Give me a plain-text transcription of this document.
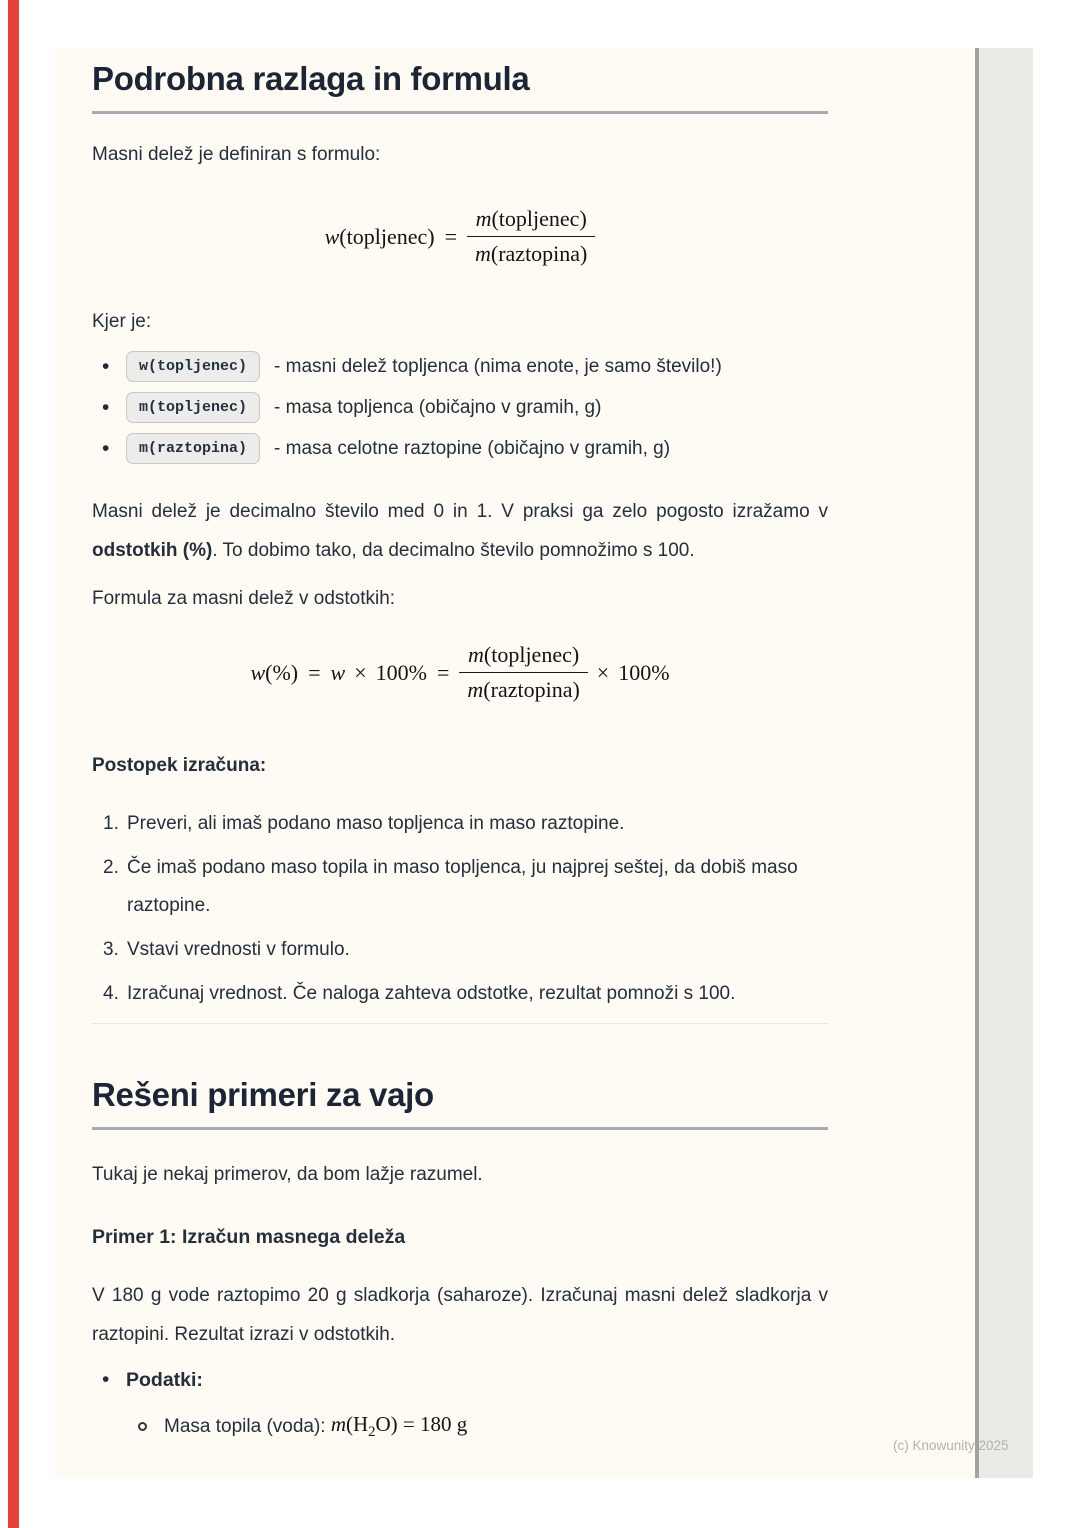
Podrobna razlaga in formula

Masni delež je definiran s formulo:

w (topljenec) = $\frac{\text{m(topljenec)}}{\text{m(raztopina)}}$

Kjer je:

•	w(topljenec)	- masni delež topljenca (nima enote, je samo število!)
•	m(topljenec)	- masa topljenca (običajno v gramih, g)
•	m(raztopina)	- masa celotne raztopine (običajno v gramih, g)

Masni delež je decimalno število med 0 in 1. V praksi ga zelo pogosto izražamo v odstotkih (%). To dobimo tako, da decimalno število pomnožimo s 100.

Formula za masni delež v odstotkih:

w (%) = $w \times 100\% = \frac{\text{m(topljenec)}}{\text{m(raztopina)}} \times 100\%$

Postopek izračuna:

1. Preveri, ali imaš podano maso topljenca in maso raztopine.
2. Če imaš podano maso topila in maso topljenca, ju najprej seštej, da dobiš maso raztopine.
3. Vstavi vrednosti v formulo.
4. Izračunaj vrednost. Če naloga zahteva odstotke, rezultat pomnoži s 100.
Rešeni primeri za vajo

Tukaj je nekaj primerov, da bom lažje razumel.

Primer 1: Izračun masnega deleža

V 180 g vode raztopimo 20 g sladkorja (saharoze). Izračunaj masni delež sladkorja v raztopini. Rezultat izrazi v odstotkih.

• Podatki:
Masa topila (voda): $m(H_2O) = 180$ g
(c) Knowunity 2025
